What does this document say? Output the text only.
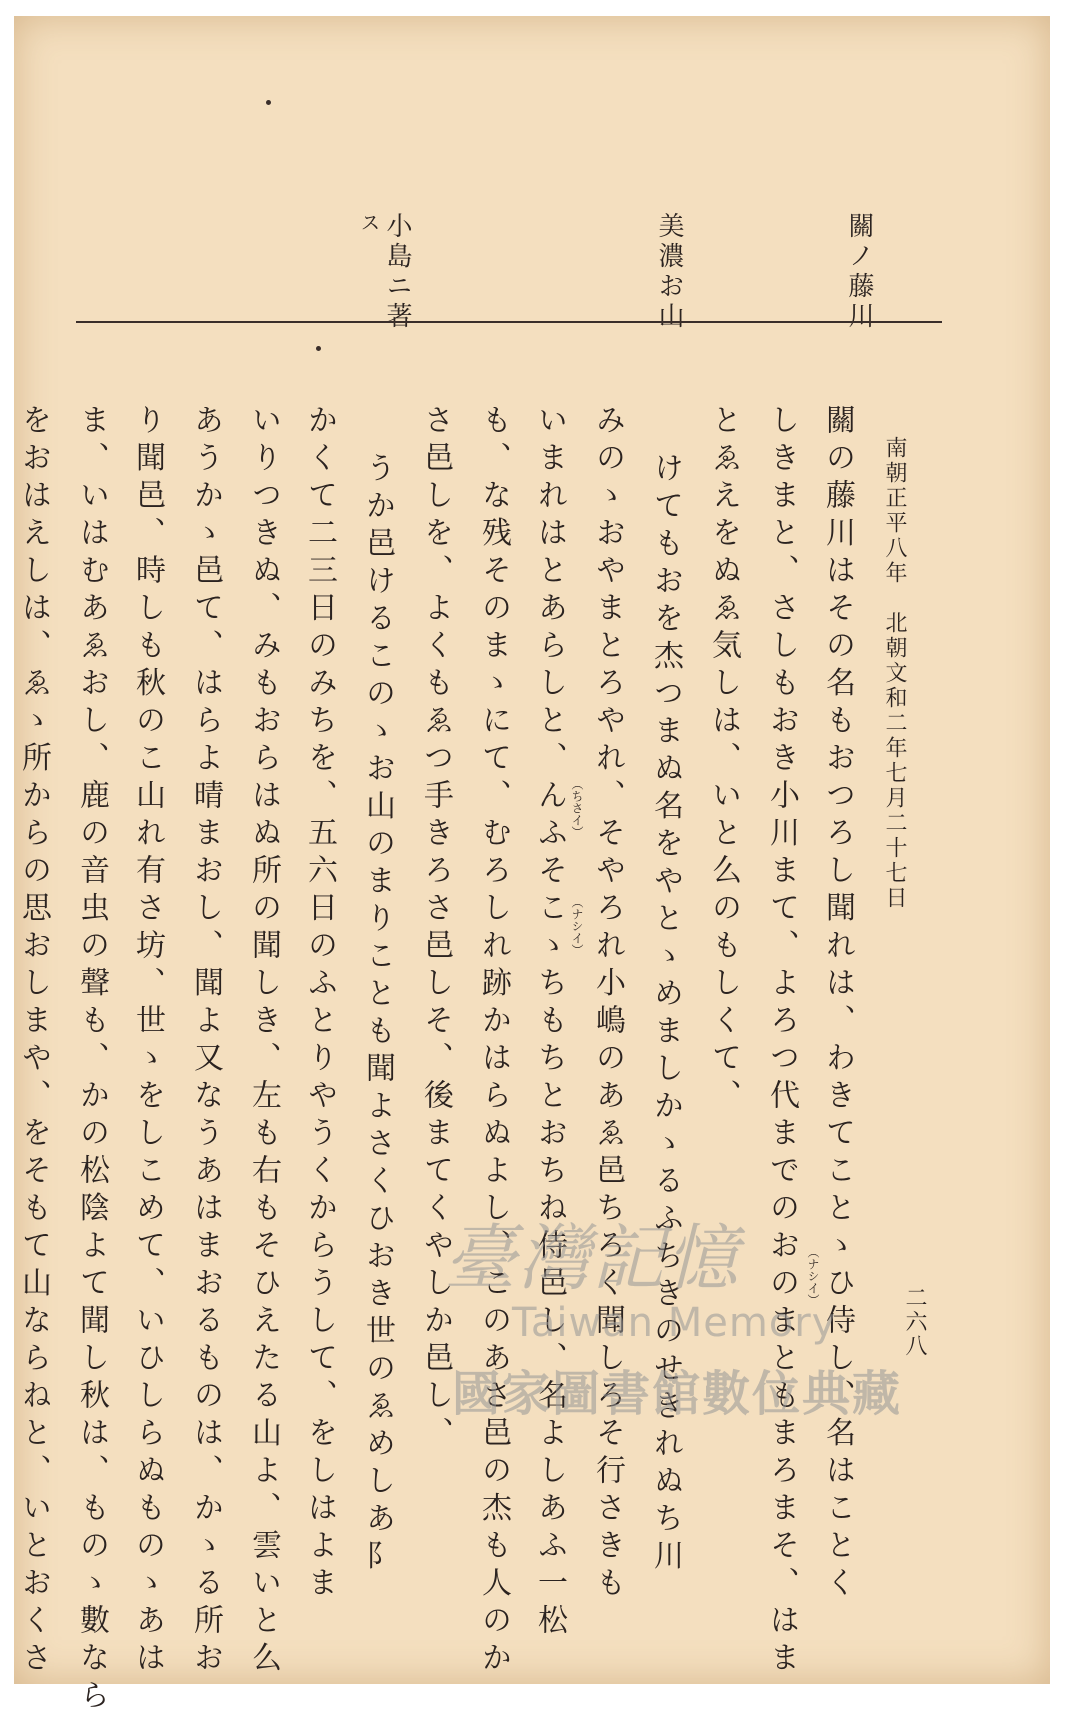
關ノ藤川
美濃お山
小島ニ著
ス
二六八
南朝正平八年　北朝文和二年七月二十七日
關の藤川はその名もおつろし聞れは、わきてことゝひ侍し、名はことく
しきまと、さしもおき小川まて、よろつ代までのおのまともまろまそ、はま
とゑえをぬゑ気しは、いと么のもしくて、
けてもおを杰つまぬ名をやとゝめましかゝるふちきのせきれぬち川
みのゝおやまとろやれ、そやろれ小嶋のあゑ邑ちろく聞しろそ行さきも
いまれはとあらしと、んふそこゝちもちとおちね侍邑し、名よしあふ一松
も、な残そのまゝにて、むろしれ跡かはらぬよし、このあさ邑の杰も人のか
さ邑しを、よくもゑつ手きろさ邑しそ、後まてくやしか邑し、
うか邑けるこのゝお山のまりことも聞よさくひおき世のゑめしあ阝
かくて二三日のみちを、五六日のふとりやうくからうして、をしはよま
いりつきぬ、みもおらはぬ所の聞しき、左も右もそひえたる山よ、雲いと么
あうかゝ邑て、はらよ晴まおし、聞よ又なうあはまおるものは、かゝる所お
り聞邑、時しも秋のこ山れ有さ坊、世ゝをしこめて、いひしらぬものゝあは
ま、いはむあゑおし、鹿の音虫の聲も、かの松陰よて聞し秋は、ものゝ數なら
をおはえしは、ゑゝ所からの思おしまや、をそもて山ならねと、いとおくさ	（ナシイ）
（ちさイ）
（ナシイ）
臺灣記憶
Taiwan Memory
國家圖書館數位典藏
